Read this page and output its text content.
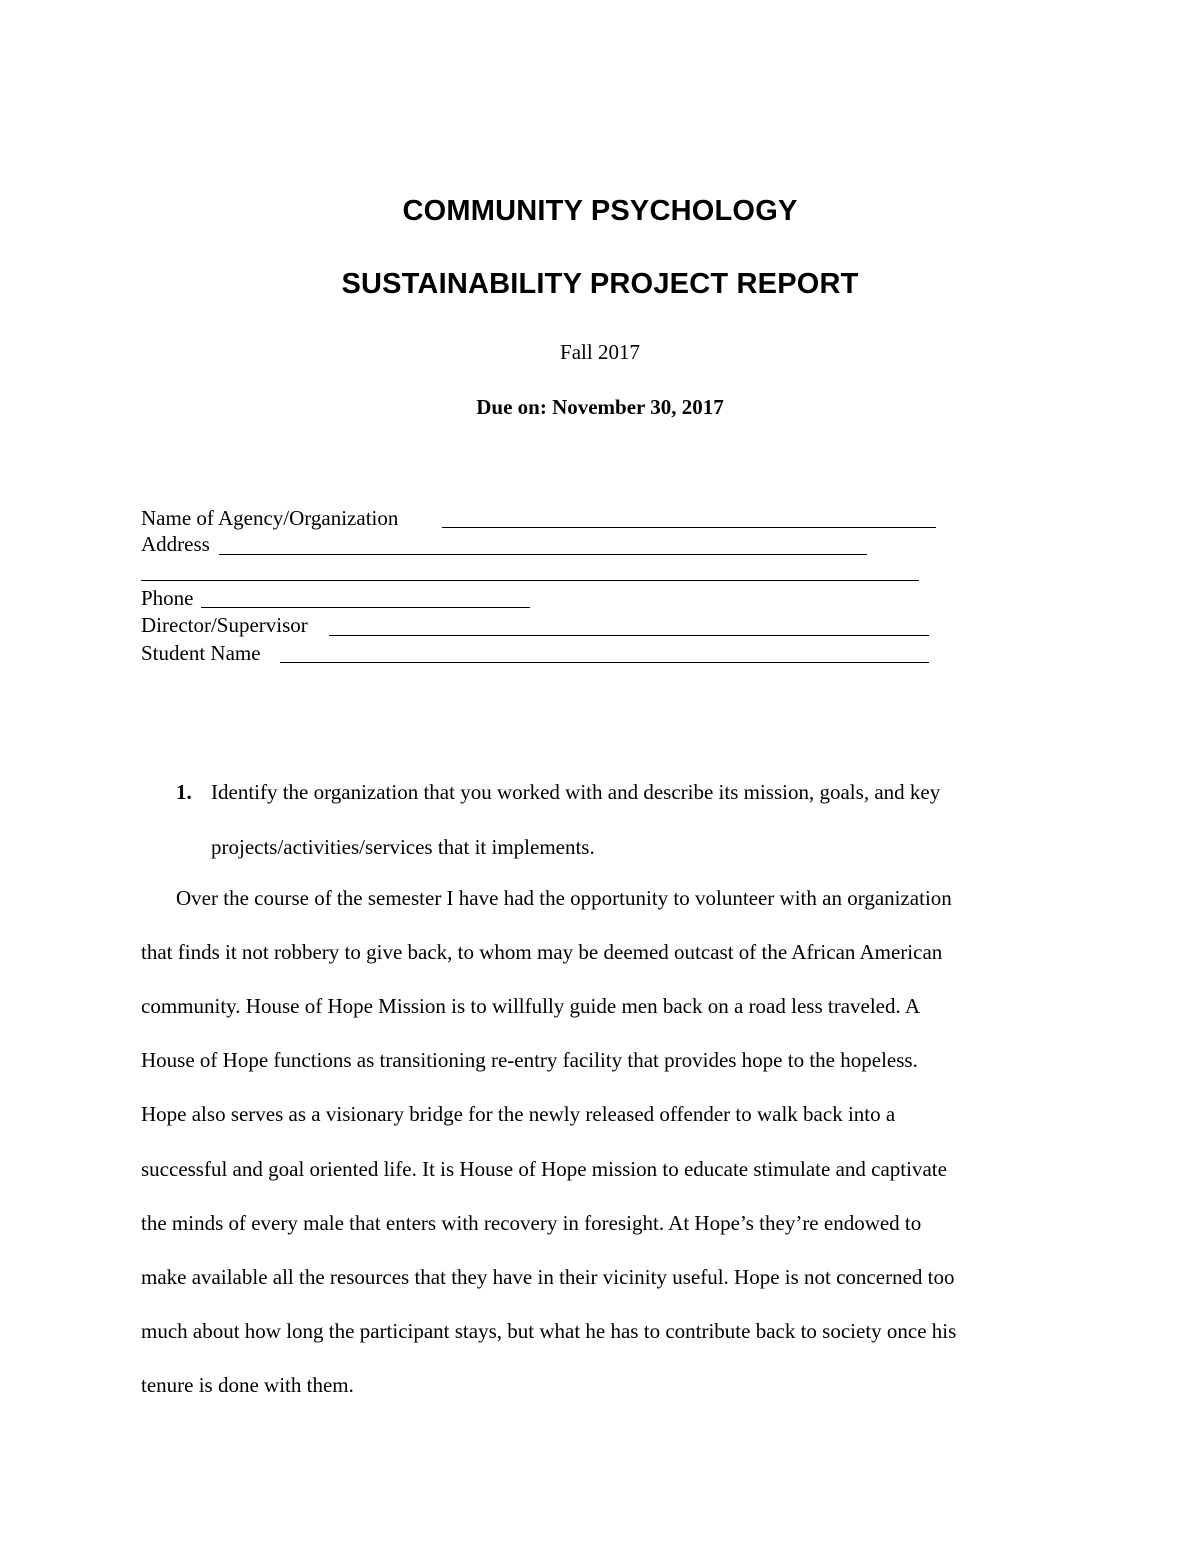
COMMUNITY PSYCHOLOGY
SUSTAINABILITY PROJECT REPORT
Fall 2017
Due on: November 30, 2017
Name of Agency/Organization
Address
Phone
Director/Supervisor
Student Name
1. Identify the organization that you worked with and describe its mission, goals, and key
projects/activities/services that it implements.
Over the course of the semester I have had the opportunity to volunteer with an organization
that finds it not robbery to give back, to whom may be deemed outcast of the African American
community. House of Hope Mission is to willfully guide men back on a road less traveled. A
House of Hope functions as transitioning re-entry facility that provides hope to the hopeless.
Hope also serves as a visionary bridge for the newly released offender to walk back into a
successful and goal oriented life. It is House of Hope mission to educate stimulate and captivate
the minds of every male that enters with recovery in foresight. At Hope’s they’re endowed to
make available all the resources that they have in their vicinity useful. Hope is not concerned too
much about how long the participant stays, but what he has to contribute back to society once his
tenure is done with them.
